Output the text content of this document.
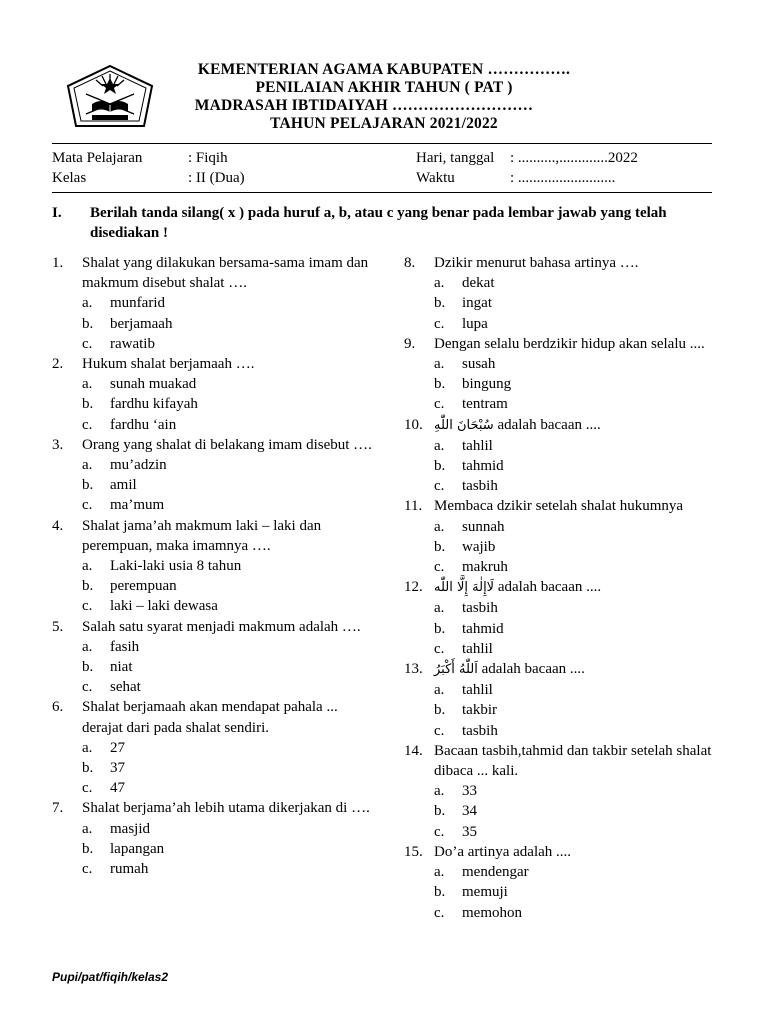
KEMENTERIAN AGAMA KABUPATEN …………….
PENILAIAN AKHIR TAHUN ( PAT )
MADRASAH IBTIDAIYAH ………………………
TAHUN PELAJARAN 2021/2022
Mata Pelajaran	: Fiqih	Hari, tanggal : ..........,.............2022
Kelas	: II (Dua)	Waktu	: ..........................
I. Berilah tanda silang( x ) pada huruf a, b, atau c yang benar pada lembar jawab yang telah disediakan !
1. Shalat yang dilakukan bersama-sama imam dan makmum disebut shalat ….
a. munfarid
b. berjamaah
c. rawatib
2. Hukum shalat berjamaah ….
a. sunah muakad
b. fardhu kifayah
c. fardhu ‘ain
3. Orang yang shalat di belakang imam disebut ….
a. mu’adzin
b. amil
c. ma’mum
4. Shalat jama’ah makmum laki – laki dan perempuan, maka imamnya ….
a. Laki-laki usia 8 tahun
b. perempuan
c. laki – laki dewasa
5. Salah satu syarat menjadi makmum adalah ….
a. fasih
b. niat
c. sehat
6. Shalat berjamaah akan mendapat pahala ... derajat dari pada shalat sendiri.
a. 27
b. 37
c. 47
7. Shalat berjama’ah lebih utama dikerjakan di ….
a. masjid
b. lapangan
c. rumah
8. Dzikir menurut bahasa artinya ….
a. dekat
b. ingat
c. lupa
9. Dengan selalu berdzikir hidup akan selalu ....
a. susah
b. bingung
c. tentram
10. سُبْحَانَ اللّٰهِ adalah bacaan ....
a. tahlil
b. tahmid
c. tasbih
11. Membaca dzikir setelah shalat hukumnya
a. sunnah
b. wajib
c. makruh
12. لَاإِلٰهَ إِلَّا اللّٰه adalah bacaan ....
a. tasbih
b. tahmid
c. tahlil
13. اَللّٰهُ أَكْبَرُ adalah bacaan ....
a. tahlil
b. takbir
c. tasbih
14. Bacaan tasbih,tahmid dan takbir setelah shalat dibaca ... kali.
a. 33
b. 34
c. 35
15. Do’a artinya adalah ....
a. mendengar
b. memuji
c. memohon
Pupi/pat/fiqih/kelas2
